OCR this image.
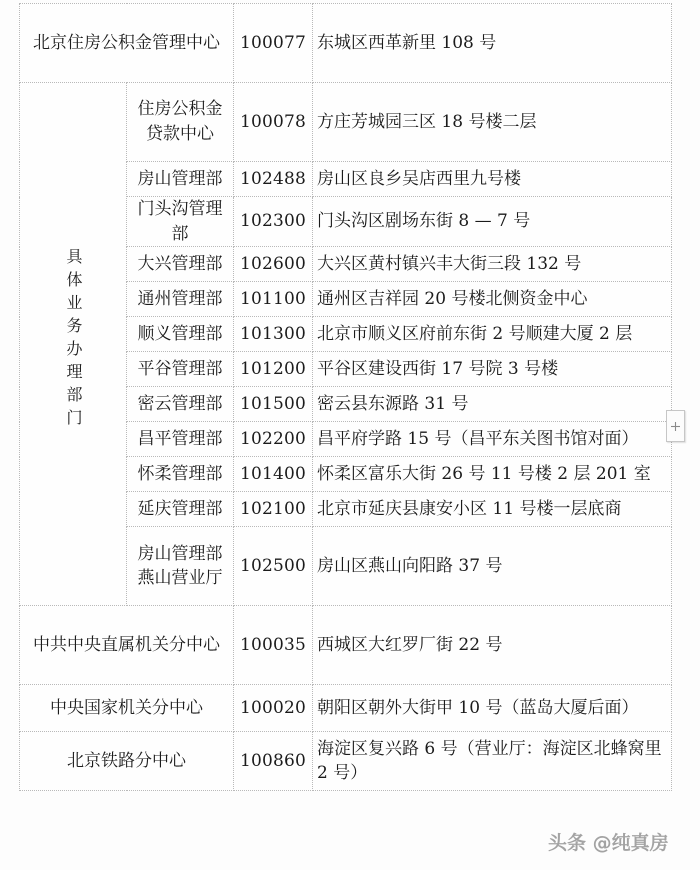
北京住房公积金管理中心		100077	东城区西革新里 108 号
具体业务办理部门	住房公积金贷款中心	100078	方庄芳城园三区 18 号楼二层
	房山管理部	102488	房山区良乡吴店西里九号楼
	门头沟管理部	102300	门头沟区剧场东街 8 — 7 号
	大兴管理部	102600	大兴区黄村镇兴丰大街三段 132 号
	通州管理部	101100	通州区吉祥园 20 号楼北侧资金中心
	顺义管理部	101300	北京市顺义区府前东街 2 号顺建大厦 2 层
	平谷管理部	101200	平谷区建设西街 17 号院 3 号楼
	密云管理部	101500	密云县东源路 31 号
	昌平管理部	102200	昌平府学路 15 号（昌平东关图书馆对面）
	怀柔管理部	101400	怀柔区富乐大街 26 号 11 号楼 2 层 201 室
	延庆管理部	102100	北京市延庆县康安小区 11 号楼一层底商
	房山管理部燕山营业厅	102500	房山区燕山向阳路 37 号
中共中央直属机关分中心		100035	西城区大红罗厂街 22 号
中央国家机关分中心		100020	朝阳区朝外大街甲 10 号（蓝岛大厦后面）
北京铁路分中心		100860	海淀区复兴路 6 号（营业厅：海淀区北蜂窝里 2 号）
头条 @纯真房
